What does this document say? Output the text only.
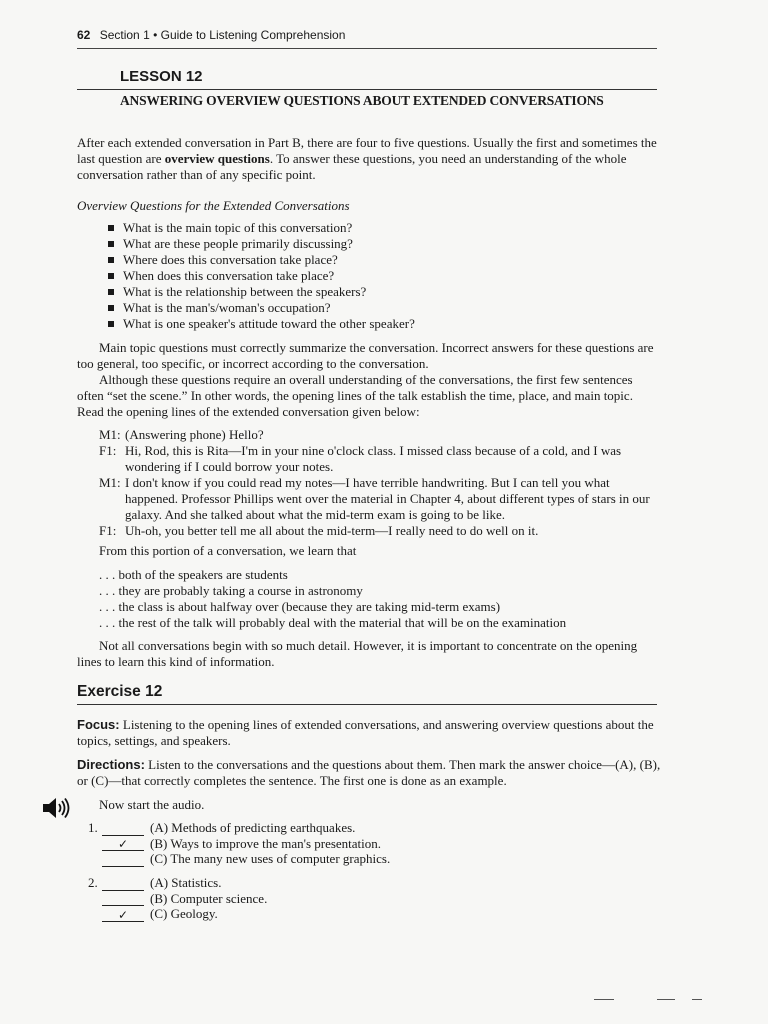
62 Section 1 • Guide to Listening Comprehension
LESSON 12
ANSWERING OVERVIEW QUESTIONS ABOUT EXTENDED CONVERSATIONS

After each extended conversation in Part B, there are four to five questions. Usually the first and sometimes the last question are overview questions. To answer these questions, you need an understanding of the whole conversation rather than of any specific point.

Overview Questions for the Extended Conversations
What is the main topic of this conversation?
What are these people primarily discussing?
Where does this conversation take place?
When does this conversation take place?
What is the relationship between the speakers?
What is the man's/woman's occupation?
What is one speaker's attitude toward the other speaker?

Main topic questions must correctly summarize the conversation. Incorrect answers for these questions are too general, too specific, or incorrect according to the conversation.

Although these questions require an overall understanding of the conversations, the first few sentences often “set the scene.” In other words, the opening lines of the talk establish the time, place, and main topic. Read the opening lines of the extended conversation given below:

M1: (Answering phone) Hello?
F1: Hi, Rod, this is Rita—I'm in your nine o'clock class. I missed class because of a cold, and I was wondering if I could borrow your notes.
M1: I don't know if you could read my notes—I have terrible handwriting. But I can tell you what happened. Professor Phillips went over the material in Chapter 4, about different types of stars in our galaxy. And she talked about what the mid-term exam is going to be like.
F1: Uh-oh, you better tell me all about the mid-term—I really need to do well on it.
From this portion of a conversation, we learn that
. . . both of the speakers are students
. . . they are probably taking a course in astronomy
. . . the class is about halfway over (because they are taking mid-term exams)
. . . the rest of the talk will probably deal with the material that will be on the examination

Not all conversations begin with so much detail. However, it is important to concentrate on the opening lines to learn this kind of information.

Exercise 12

Focus: Listening to the opening lines of extended conversations, and answering overview questions about the topics, settings, and speakers.

Directions: Listen to the conversations and the questions about them. Then mark the answer choice—(A), (B), or (C)—that correctly completes the sentence. The first one is done as an example.

Now start the audio.
1.	(A) Methods of predicting earthquakes.
✓	(B) Ways to improve the man's presentation.
(C) The many new uses of computer graphics.
2.	(A) Statistics.
(B) Computer science.
✓	(C) Geology.
